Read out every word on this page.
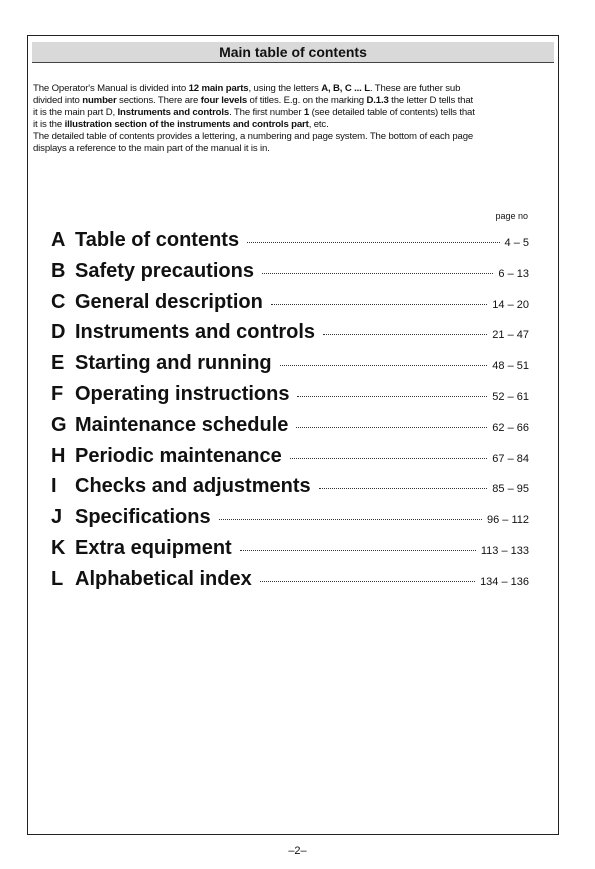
Main table of contents

The Operator's Manual is divided into 12 main parts, using the letters A, B, C ... L. These are futher sub

divided into number sections. There are four levels of titles. E.g. on the marking D.1.3 the letter D tells that

it is the main part D, Instruments and controls. The first number 1 (see detailed table of contents) tells that

it is the illustration section of the instruments and controls part, etc.

The detailed table of contents provides a lettering, a numbering and page system. The bottom of each page

displays a reference to the main part of the manual it is in.

page no
A Table of contents	4 – 5
B Safety precautions	6 – 13
C General description	14 – 20
D Instruments and controls	21 – 47
E Starting and running	48 – 51
F Operating instructions	52 – 61
G Maintenance schedule	62 – 66
H Periodic maintenance	67 – 84
I Checks and adjustments	85 – 95
J Specifications	96 – 112
K Extra equipment	113 – 133
L Alphabetical index	134 – 136
–2–
